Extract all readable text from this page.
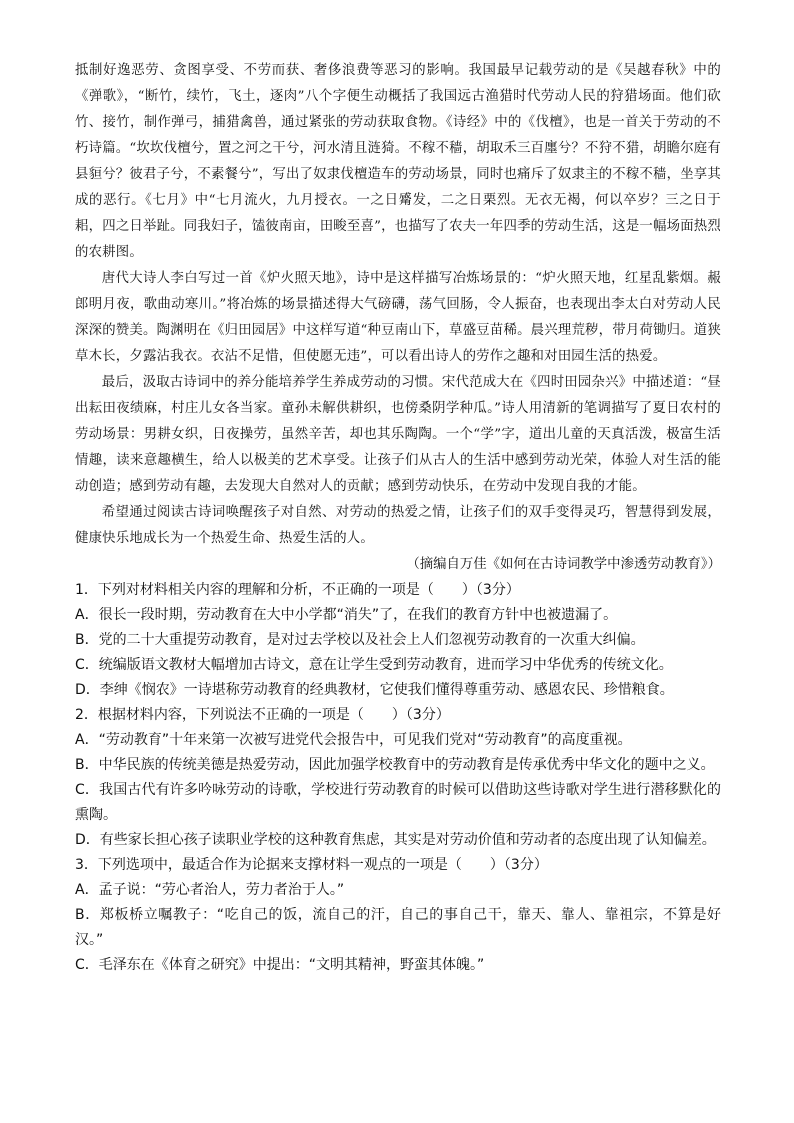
抵制好逸恶劳、贪图享受、不劳而获、奢侈浪费等恶习的影响。我国最早记载劳动的是《吴越春秋》中的《弹歌》，“断竹，续竹，飞土，逐肉”八个字便生动概括了我国远古渔猎时代劳动人民的狩猎场面。他们砍竹、接竹，制作弹弓，捕猎禽兽，通过紧张的劳动获取食物。《诗经》中的《伐檀》，也是一首关于劳动的不朽诗篇。“坎坎伐檀兮，置之河之干兮，河水清且涟猗。不稼不穑，胡取禾三百廛兮？不狩不猎，胡瞻尔庭有县貆兮？彼君子兮，不素餐兮”，写出了奴隶伐檀造车的劳动场景，同时也痛斥了奴隶主的不稼不穑，坐享其成的恶行。《七月》中“七月流火，九月授衣。一之日觱发，二之日栗烈。无衣无褐，何以卒岁？三之日于耜，四之日举趾。同我妇子，馌彼南亩，田畯至喜”，也描写了农夫一年四季的劳动生活，这是一幅场面热烈的农耕图。

唐代大诗人李白写过一首《炉火照天地》，诗中是这样描写冶炼场景的：“炉火照天地，红星乱紫烟。赧郎明月夜，歌曲动寒川。”将冶炼的场景描述得大气磅礴，荡气回肠，令人振奋，也表现出李太白对劳动人民深深的赞美。陶渊明在《归田园居》中这样写道“种豆南山下，草盛豆苗稀。晨兴理荒秽，带月荷锄归。道狭草木长，夕露沾我衣。衣沾不足惜，但使愿无违”，可以看出诗人的劳作之趣和对田园生活的热爱。

最后，汲取古诗词中的养分能培养学生养成劳动的习惯。宋代范成大在《四时田园杂兴》中描述道：“昼出耘田夜绩麻，村庄儿女各当家。童孙未解供耕织，也傍桑阴学种瓜。”诗人用清新的笔调描写了夏日农村的劳动场景：男耕女织，日夜操劳，虽然辛苦，却也其乐陶陶。一个“学”字，道出儿童的天真活泼，极富生活情趣，读来意趣横生，给人以极美的艺术享受。让孩子们从古人的生活中感到劳动光荣，体验人对生活的能动创造；感到劳动有趣，去发现大自然对人的贡献；感到劳动快乐，在劳动中发现自我的才能。

希望通过阅读古诗词唤醒孩子对自然、对劳动的热爱之情，让孩子们的双手变得灵巧，智慧得到发展，健康快乐地成长为一个热爱生命、热爱生活的人。

（摘编自万佳《如何在古诗词教学中渗透劳动教育》）

1．下列对材料相关内容的理解和分析，不正确的一项是（　　）（3分）

A．很长一段时期，劳动教育在大中小学都“消失”了，在我们的教育方针中也被遗漏了。

B．党的二十大重提劳动教育，是对过去学校以及社会上人们忽视劳动教育的一次重大纠偏。

C．统编版语文教材大幅增加古诗文，意在让学生受到劳动教育，进而学习中华优秀的传统文化。

D．李绅《悯农》一诗堪称劳动教育的经典教材，它使我们懂得尊重劳动、感恩农民、珍惜粮食。

2．根据材料内容，下列说法不正确的一项是（　　）（3分）

A．“劳动教育”十年来第一次被写进党代会报告中，可见我们党对“劳动教育”的高度重视。

B．中华民族的传统美德是热爱劳动，因此加强学校教育中的劳动教育是传承优秀中华文化的题中之义。

C．我国古代有许多吟咏劳动的诗歌，学校进行劳动教育的时候可以借助这些诗歌对学生进行潜移默化的熏陶。

D．有些家长担心孩子读职业学校的这种教育焦虑，其实是对劳动价值和劳动者的态度出现了认知偏差。

3．下列选项中，最适合作为论据来支撑材料一观点的一项是（　　）（3分）

A．孟子说：“劳心者治人，劳力者治于人。”

B．郑板桥立嘱教子：“吃自己的饭，流自己的汗，自己的事自己干，靠天、靠人、靠祖宗，不算是好汉。”

C．毛泽东在《体育之研究》中提出：“文明其精神，野蛮其体魄。”
